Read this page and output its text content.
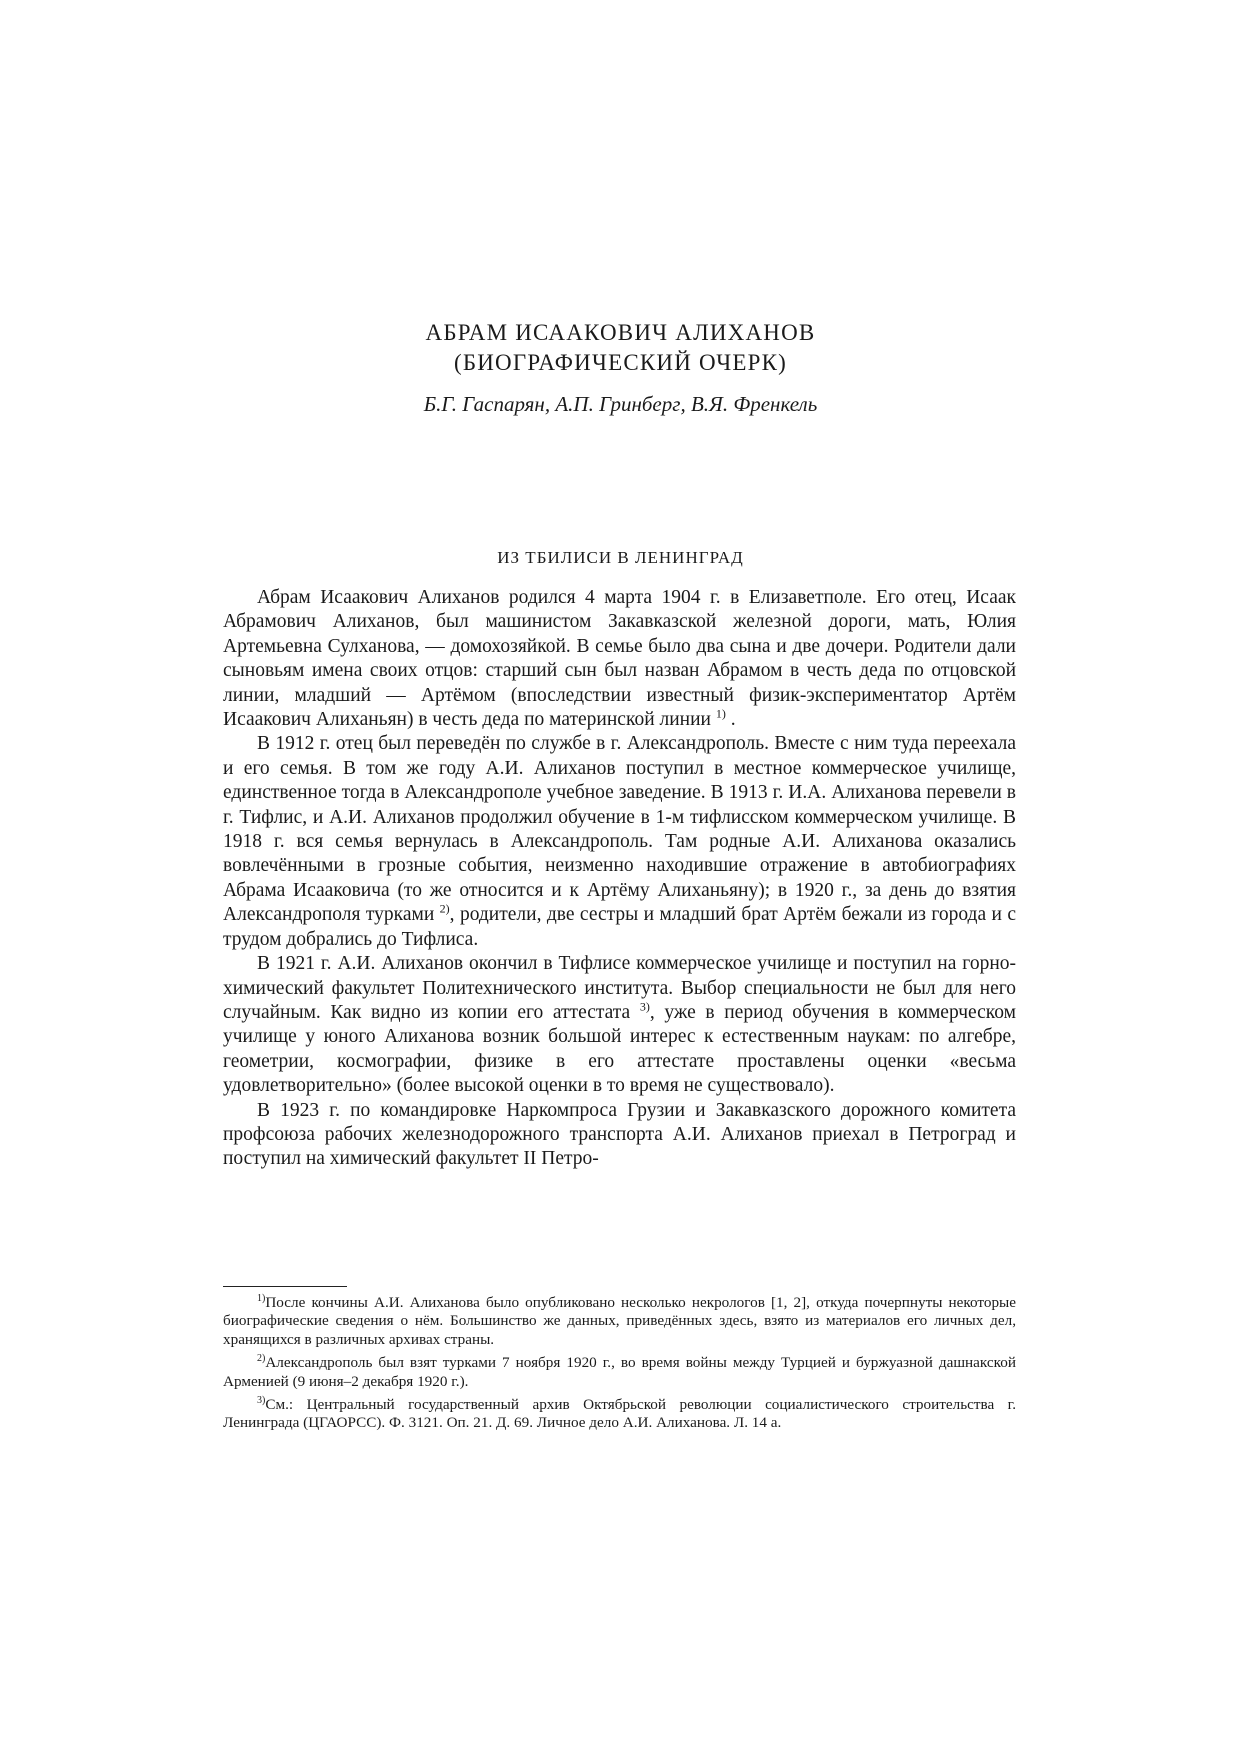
АБРАМ ИСААКОВИЧ АЛИХАНОВ
(БИОГРАФИЧЕСКИЙ ОЧЕРК)
Б.Г. Гаспарян, А.П. Гринберг, В.Я. Френкель
ИЗ ТБИЛИСИ В ЛЕНИНГРАД

Абрам Исаакович Алиханов родился 4 марта 1904 г. в Елизаветполе. Его отец, Исаак Абрамович Алиханов, был машинистом Закавказской железной дороги, мать, Юлия Артемьевна Сулханова, — домохозяйкой. В семье было два сына и две дочери. Родители дали сыновьям имена своих отцов: старший сын был назван Абрамом в честь деда по отцовской линии, младший — Артёмом (впоследствии известный физик-экспериментатор Артём Исаакович Алиханьян) в честь деда по материнской линии $^{1)}$ .

В 1912 г. отец был переведён по службе в г. Александрополь. Вместе с ним туда переехала и его семья. В том же году А.И. Алиханов поступил в местное коммерческое училище, единственное тогда в Александрополе учебное заведение. В 1913 г. И.А. Алиханова перевели в г. Тифлис, и А.И. Алиханов продолжил обучение в 1-м тифлисском коммерческом училище. В 1918 г. вся семья вернулась в Александрополь. Там родные А.И. Алиханова оказались вовлечёнными в грозные события, неизменно находившие отражение в автобиографиях Абрама Исааковича (то же относится и к Артёму Алиханьяну); в 1920 г., за день до взятия Александрополя турками $^{2)}$, родители, две сестры и младший брат Артём бежали из города и с трудом добрались до Тифлиса.

В 1921 г. А.И. Алиханов окончил в Тифлисе коммерческое училище и поступил на горно-химический факультет Политехнического института. Выбор специальности не был для него случайным. Как видно из копии его аттестата $^{3)}$, уже в период обучения в коммерческом училище у юного Алиханова возник большой интерес к естественным наукам: по алгебре, геометрии, космографии, физике в его аттестате проставлены оценки «весьма удовлетворительно» (более высокой оценки в то время не существовало).

В 1923 г. по командировке Наркомпроса Грузии и Закавказского дорожного комитета профсоюза рабочих железнодорожного транспорта А.И. Алиханов приехал в Петроград и поступил на химический факультет II Петро-

$^{1)}$После кончины А.И. Алиханова было опубликовано несколько некрологов [1, 2], откуда почерпнуты некоторые биографические сведения о нём. Большинство же данных, приведённых здесь, взято из материалов его личных дел, хранящихся в различных архивах страны.

$^{2)}$Александрополь был взят турками 7 ноября 1920 г., во время войны между Турцией и буржуазной дашнакской Арменией (9 июня–2 декабря 1920 г.).

$^{3)}$См.: Центральный государственный архив Октябрьской революции социалистического строительства г. Ленинграда (ЦГАОРСС). Ф. 3121. Оп. 21. Д. 69. Личное дело А.И. Алиханова. Л. 14 а.
